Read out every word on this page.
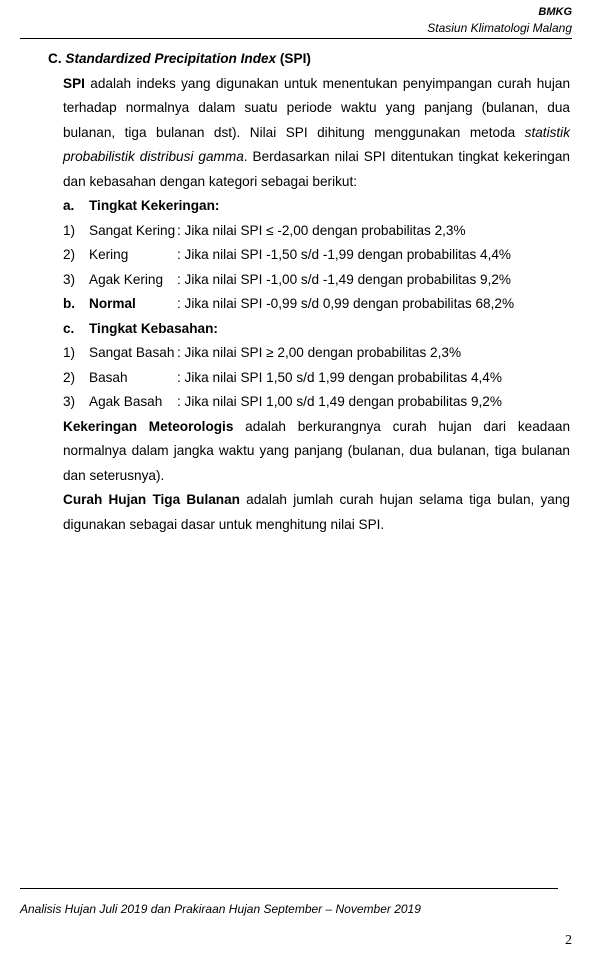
BMKG
Stasiun Klimatologi Malang
C. Standardized Precipitation Index (SPI)
SPI adalah indeks yang digunakan untuk menentukan penyimpangan curah hujan terhadap normalnya dalam suatu periode waktu yang panjang (bulanan, dua bulanan, tiga bulanan dst). Nilai SPI dihitung menggunakan metoda statistik probabilistik distribusi gamma. Berdasarkan nilai SPI ditentukan tingkat kekeringan dan kebasahan dengan kategori sebagai berikut:
a. Tingkat Kekeringan:
1) Sangat Kering : Jika nilai SPI ≤ -2,00 dengan probabilitas 2,3%
2) Kering	: Jika nilai SPI -1,50 s/d -1,99 dengan probabilitas 4,4%
3) Agak Kering : Jika nilai SPI -1,00 s/d -1,49 dengan probabilitas 9,2%
b. Normal	: Jika nilai SPI -0,99 s/d 0,99 dengan probabilitas 68,2%
c. Tingkat Kebasahan:
1) Sangat Basah : Jika nilai SPI ≥ 2,00 dengan probabilitas 2,3%
2) Basah	: Jika nilai SPI 1,50 s/d 1,99 dengan probabilitas 4,4%
3) Agak Basah : Jika nilai SPI 1,00 s/d 1,49 dengan probabilitas 9,2%
Kekeringan Meteorologis adalah berkurangnya curah hujan dari keadaan normalnya dalam jangka waktu yang panjang (bulanan, dua bulanan, tiga bulanan dan seterusnya).
Curah Hujan Tiga Bulanan adalah jumlah curah hujan selama tiga bulan, yang digunakan sebagai dasar untuk menghitung nilai SPI.
Analisis Hujan Juli 2019 dan Prakiraan Hujan September – November 2019
2
